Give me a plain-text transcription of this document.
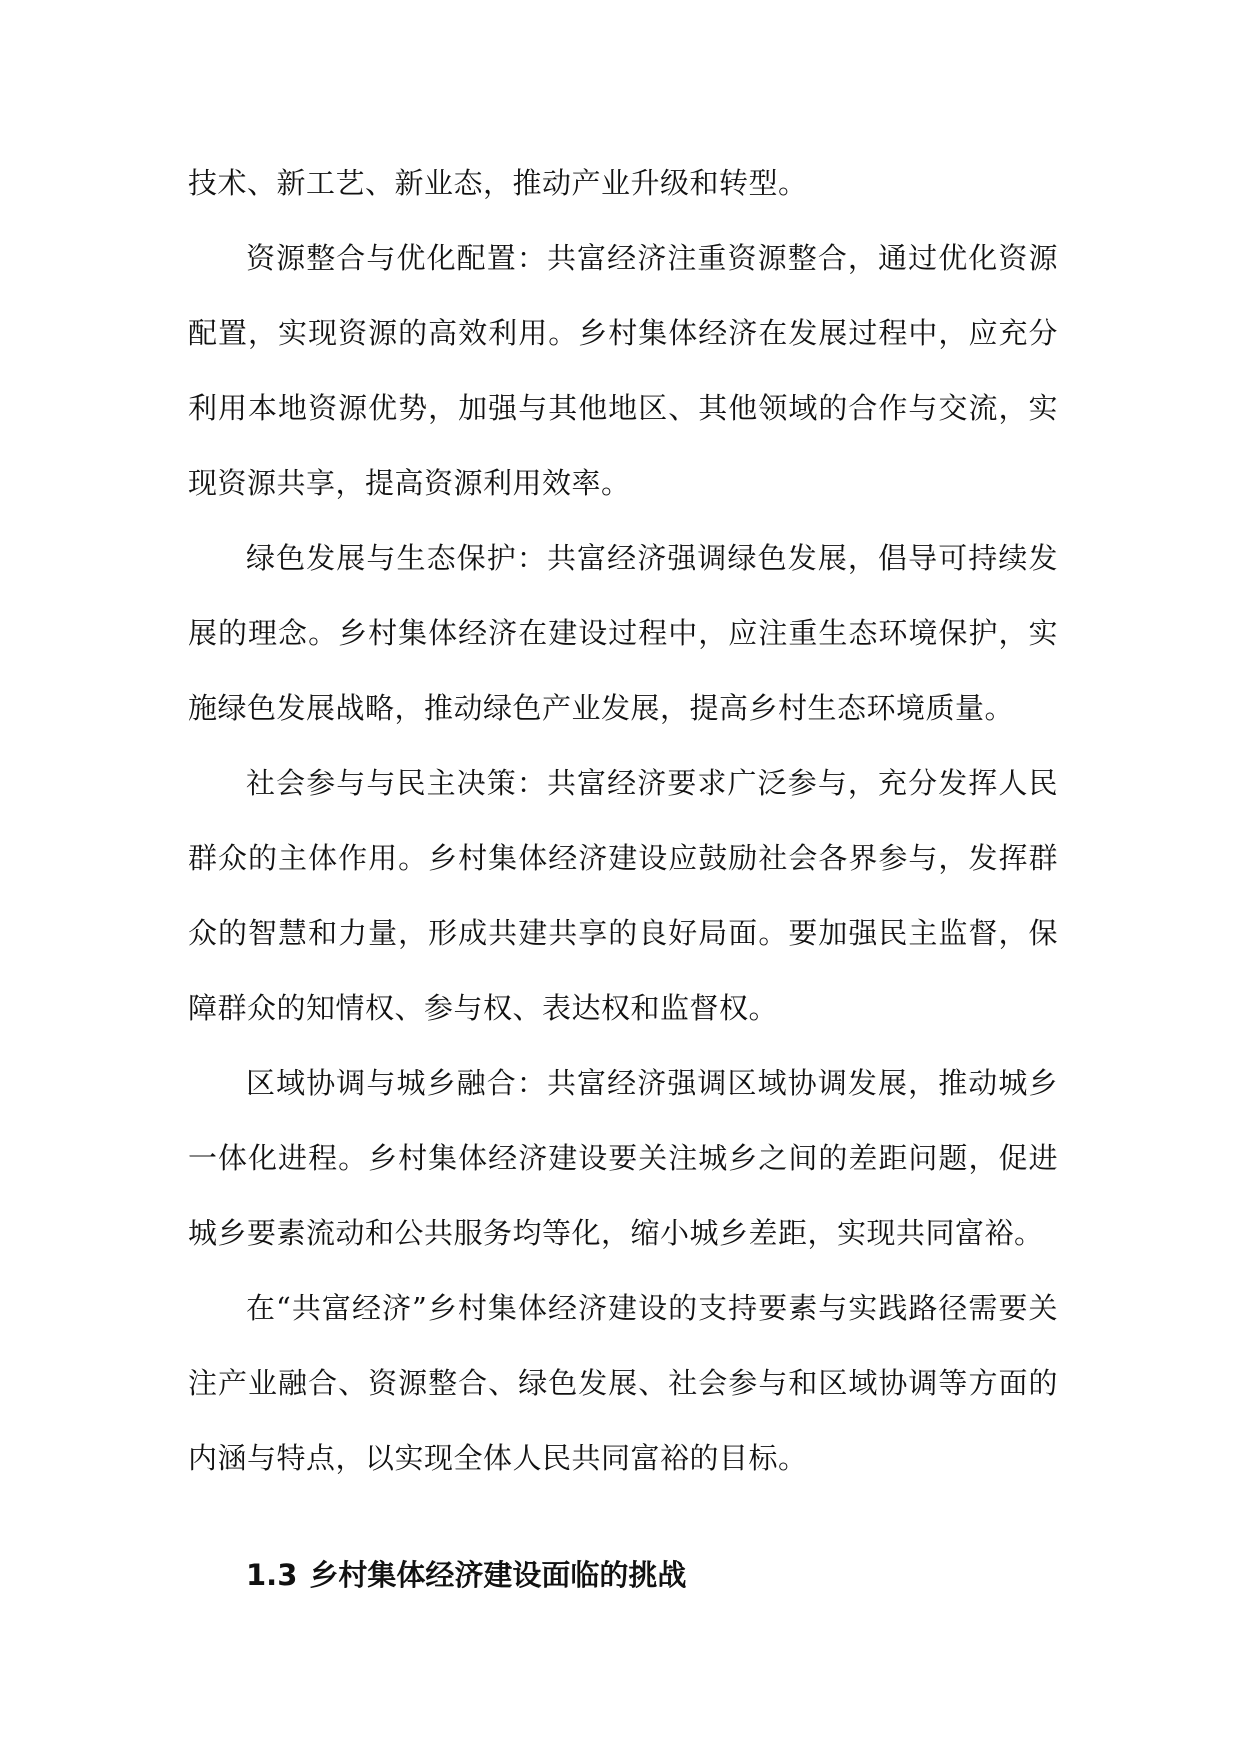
技术、新工艺、新业态，推动产业升级和转型。

资源整合与优化配置：共富经济注重资源整合，通过优化资源配置，实现资源的高效利用。乡村集体经济在发展过程中，应充分利用本地资源优势，加强与其他地区、其他领域的合作与交流，实现资源共享，提高资源利用效率。

绿色发展与生态保护：共富经济强调绿色发展，倡导可持续发展的理念。乡村集体经济在建设过程中，应注重生态环境保护，实施绿色发展战略，推动绿色产业发展，提高乡村生态环境质量。

社会参与与民主决策：共富经济要求广泛参与，充分发挥人民群众的主体作用。乡村集体经济建设应鼓励社会各界参与，发挥群众的智慧和力量，形成共建共享的良好局面。要加强民主监督，保障群众的知情权、参与权、表达权和监督权。

区域协调与城乡融合：共富经济强调区域协调发展，推动城乡一体化进程。乡村集体经济建设要关注城乡之间的差距问题，促进城乡要素流动和公共服务均等化，缩小城乡差距，实现共同富裕。

在“共富经济”乡村集体经济建设的支持要素与实践路径需要关注产业融合、资源整合、绿色发展、社会参与和区域协调等方面的内涵与特点，以实现全体人民共同富裕的目标。

1.3 乡村集体经济建设面临的挑战
